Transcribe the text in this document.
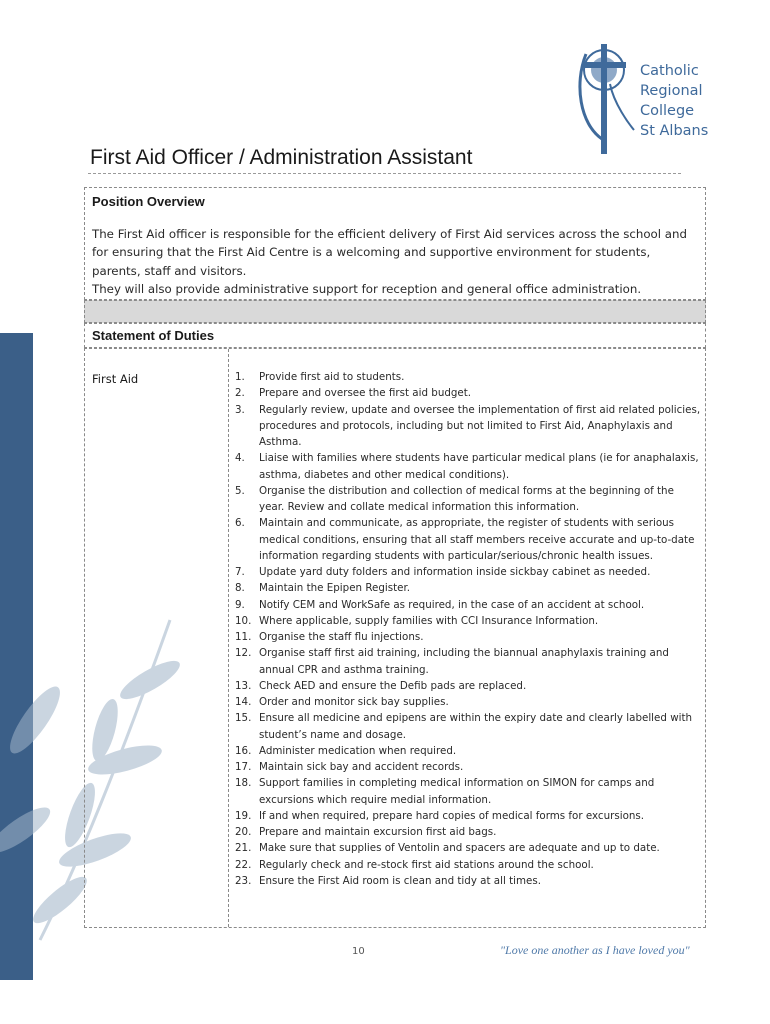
Catholic
Regional
College
St Albans
First Aid Officer / Administration Assistant
Position Overview

The First Aid officer is responsible for the efficient delivery of First Aid services across the school and for ensuring that the First Aid Centre is a welcoming and supportive environment for students, parents, staff and visitors.

They will also provide administrative support for reception and general office administration.

Statement of Duties
First Aid	1.	Provide first aid to students.
2.	Prepare and oversee the first aid budget.
3.	Regularly review, update and oversee the implementation of first aid related policies, procedures and protocols, including but not limited to First Aid, Anaphylaxis and Asthma.
4.	Liaise with families where students have particular medical plans (ie for anaphalaxis, asthma, diabetes and other medical conditions).
5.	Organise the distribution and collection of medical forms at the beginning of the year. Review and collate medical information this information.
6.	Maintain and communicate, as appropriate, the register of students with serious medical conditions, ensuring that all staff members receive accurate and up-to-date information regarding students with particular/serious/chronic health issues.
7.	Update yard duty folders and information inside sickbay cabinet as needed.
8.	Maintain the Epipen Register.
9.	Notify CEM and WorkSafe as required, in the case of an accident at school.
10. Where applicable, supply families with CCI Insurance Information.
11. Organise the staff flu injections.
12. Organise staff first aid training, including the biannual anaphylaxis training and annual CPR and asthma training.
13. Check AED and ensure the Defib pads are replaced.
14. Order and monitor sick bay supplies.
15. Ensure all medicine and epipens are within the expiry date and clearly labelled with student’s name and dosage.
16. Administer medication when required.
17. Maintain sick bay and accident records.
18. Support families in completing medical information on SIMON for camps and excursions which require medial information.
19. If and when required, prepare hard copies of medical forms for excursions.
20. Prepare and maintain excursion first aid bags.
21. Make sure that supplies of Ventolin and spacers are adequate and up to date.
22. Regularly check and re-stock first aid stations around the school.
23. Ensure the First Aid room is clean and tidy at all times.
10	"Love one another as I have loved you"
